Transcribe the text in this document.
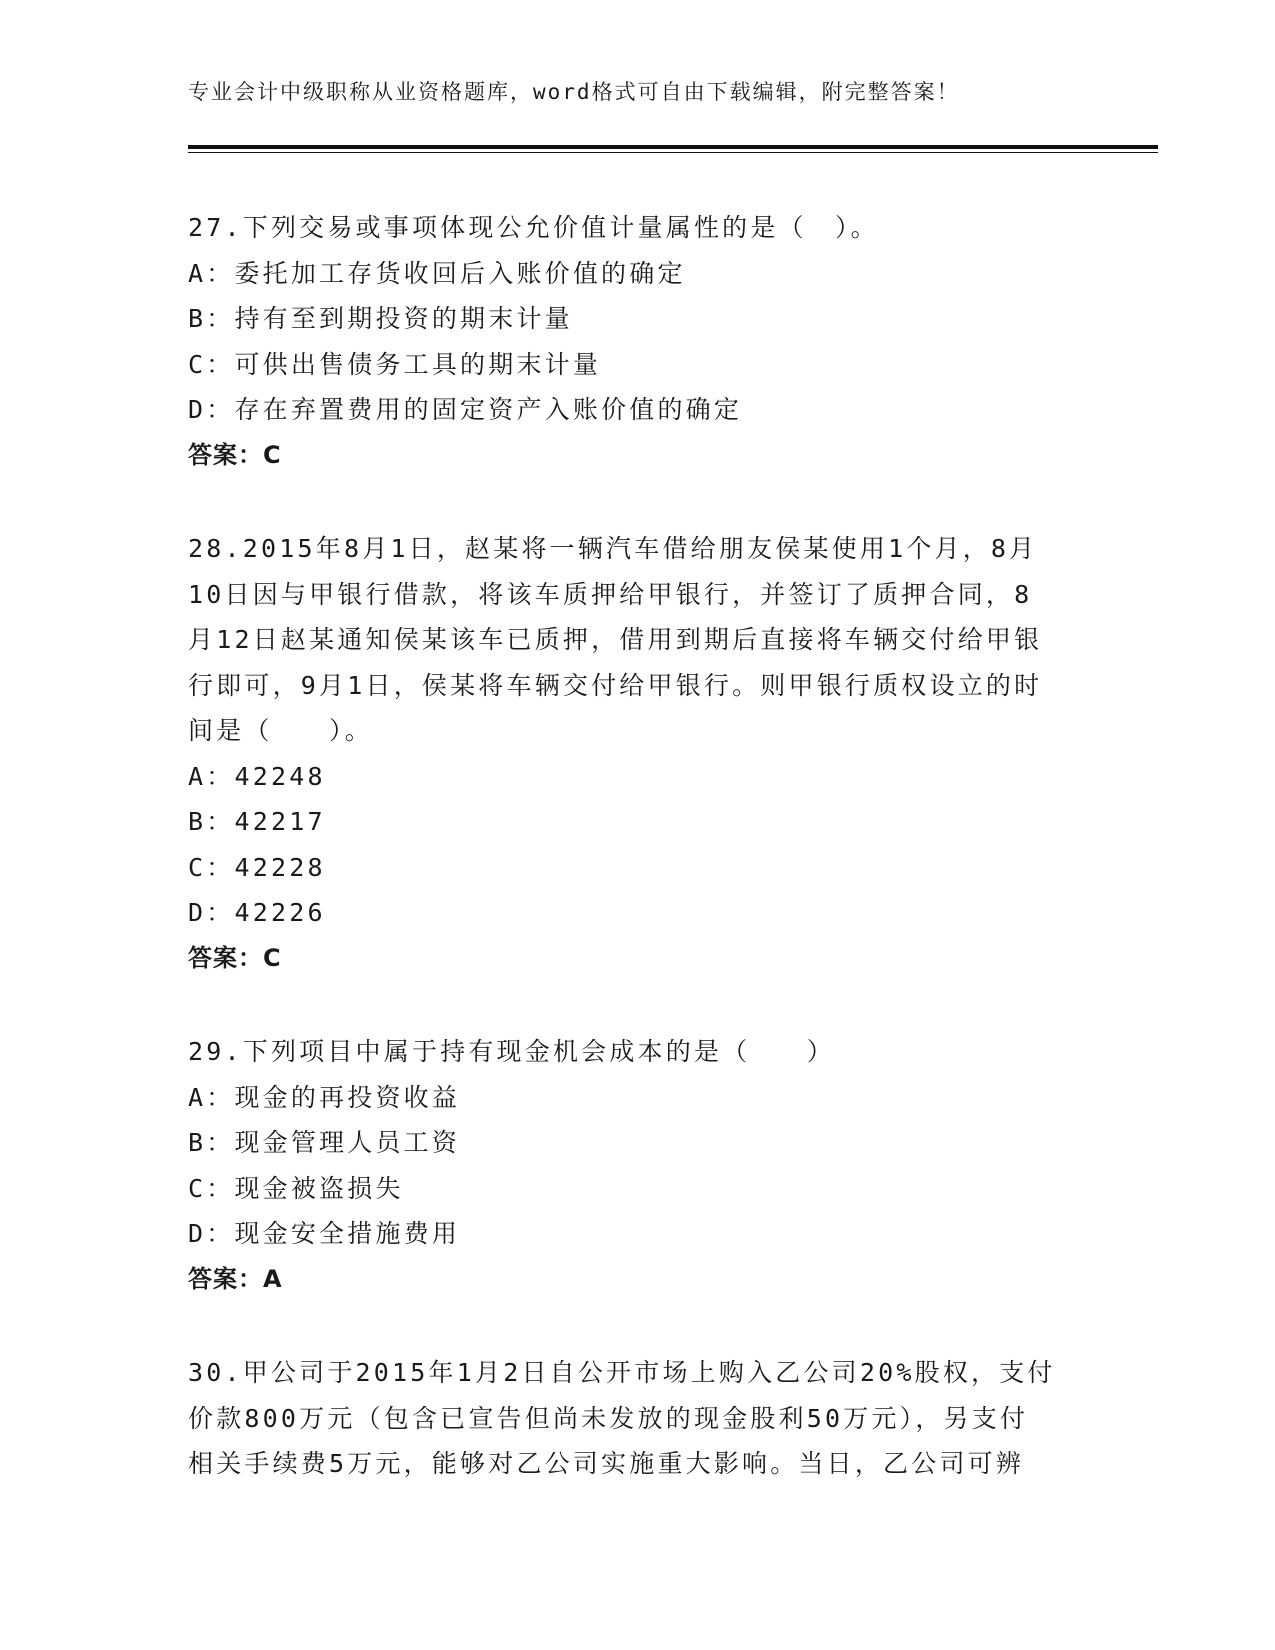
专业会计中级职称从业资格题库，word格式可自由下载编辑，附完整答案！
27.下列交易或事项体现公允价值计量属性的是（　）。
A：委托加工存货收回后入账价值的确定
B：持有至到期投资的期末计量
C：可供出售债务工具的期末计量
D：存在弃置费用的固定资产入账价值的确定
答案：C
28.2015年8月1日，赵某将一辆汽车借给朋友侯某使用1个月，8月
10日因与甲银行借款，将该车质押给甲银行，并签订了质押合同，8
月12日赵某通知侯某该车已质押，借用到期后直接将车辆交付给甲银
行即可，9月1日，侯某将车辆交付给甲银行。则甲银行质权设立的时
间是（　　）。
A：42248
B：42217
C：42228
D：42226
答案：C
29.下列项目中属于持有现金机会成本的是（　　）
A：现金的再投资收益
B：现金管理人员工资
C：现金被盗损失
D：现金安全措施费用
答案：A
30.甲公司于2015年1月2日自公开市场上购入乙公司20%股权，支付
价款800万元（包含已宣告但尚未发放的现金股利50万元），另支付
相关手续费5万元，能够对乙公司实施重大影响。当日，乙公司可辨
